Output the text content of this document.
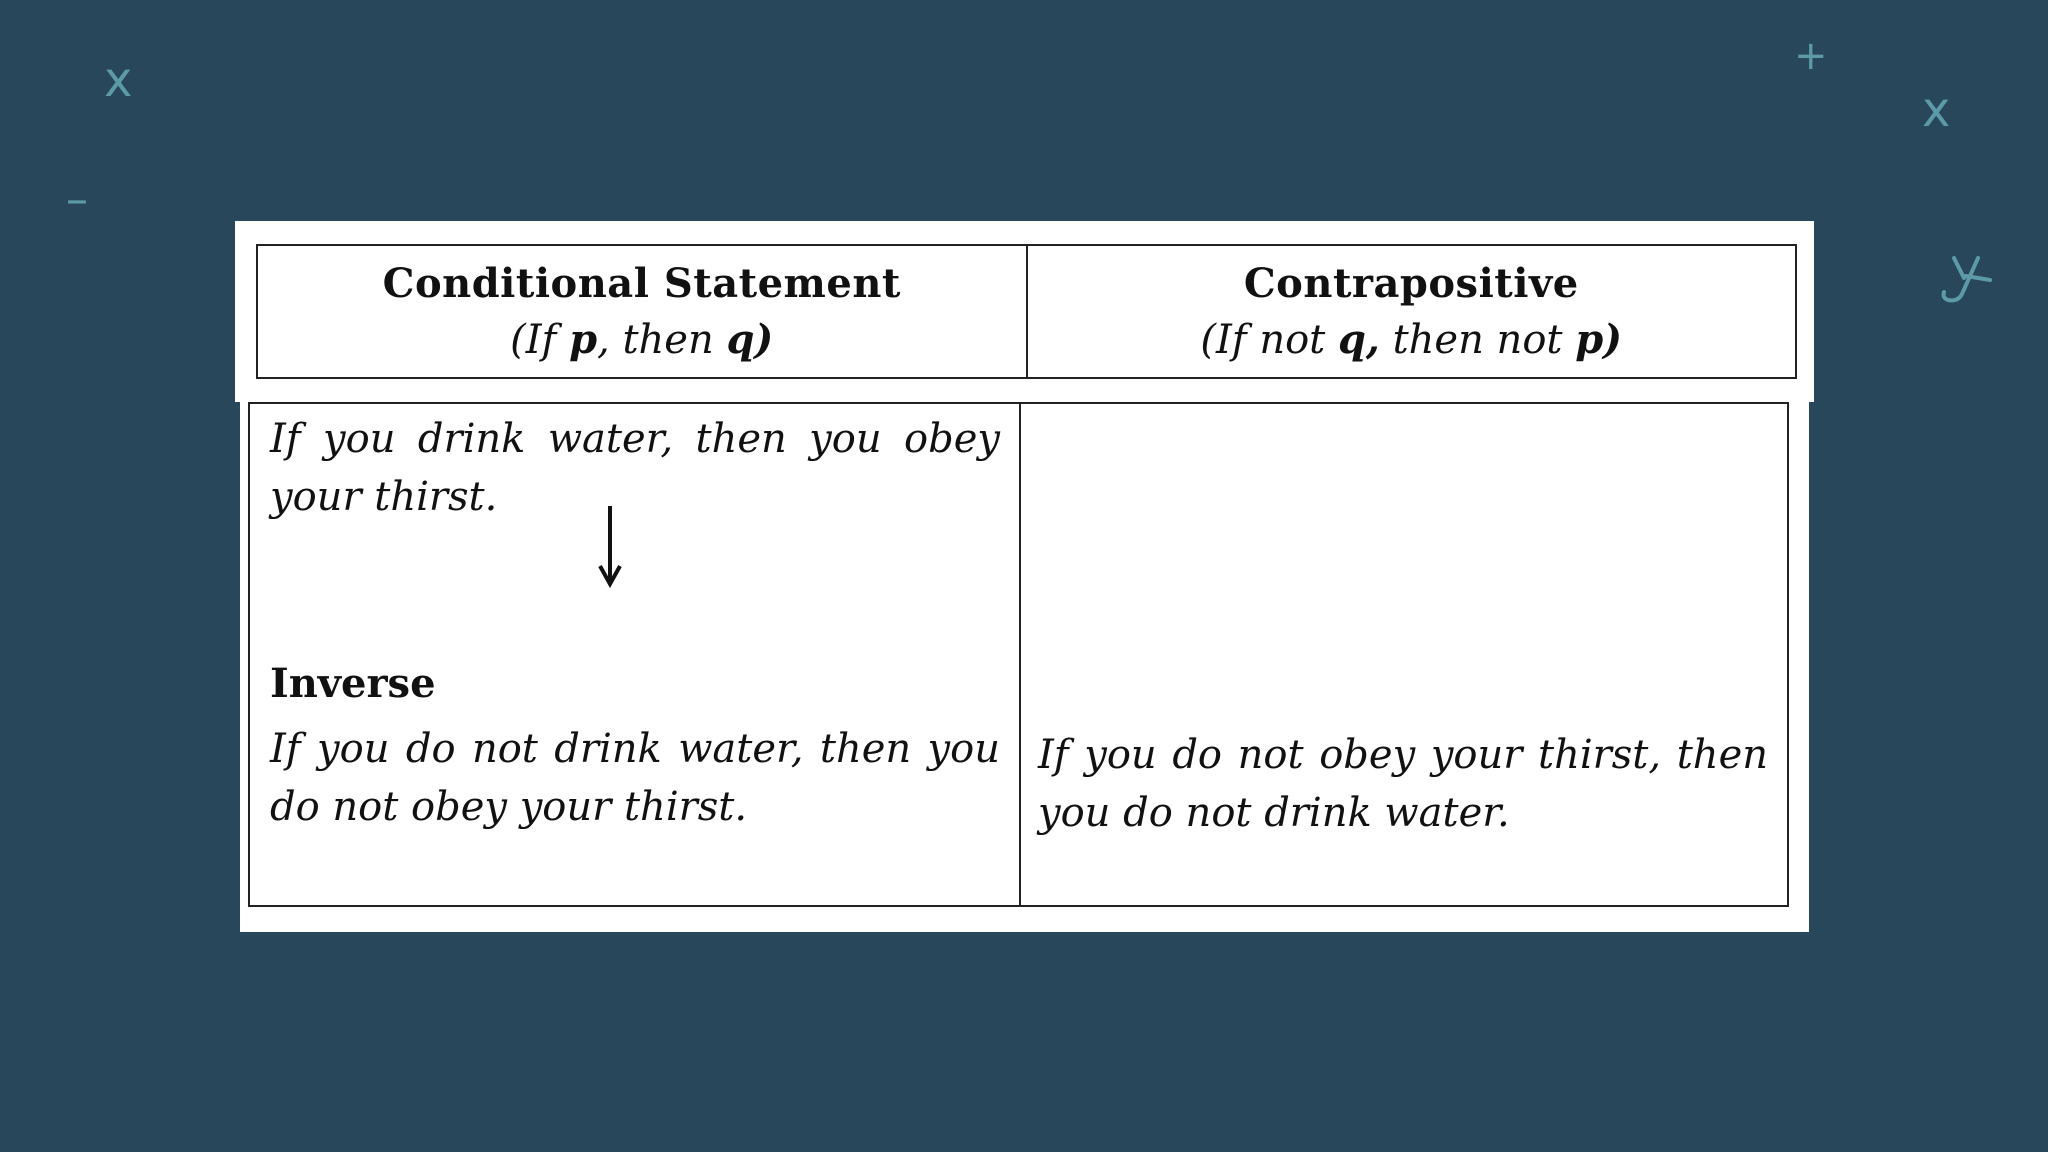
x
–
+
x
Conditional Statement
(If p, then q)
Contrapositive
(If not q, then not p)

If you drink water, then you obey your thirst.

Inverse

If you do not drink water, then you do not obey your thirst.

If you do not obey your thirst, then you do not drink water.
